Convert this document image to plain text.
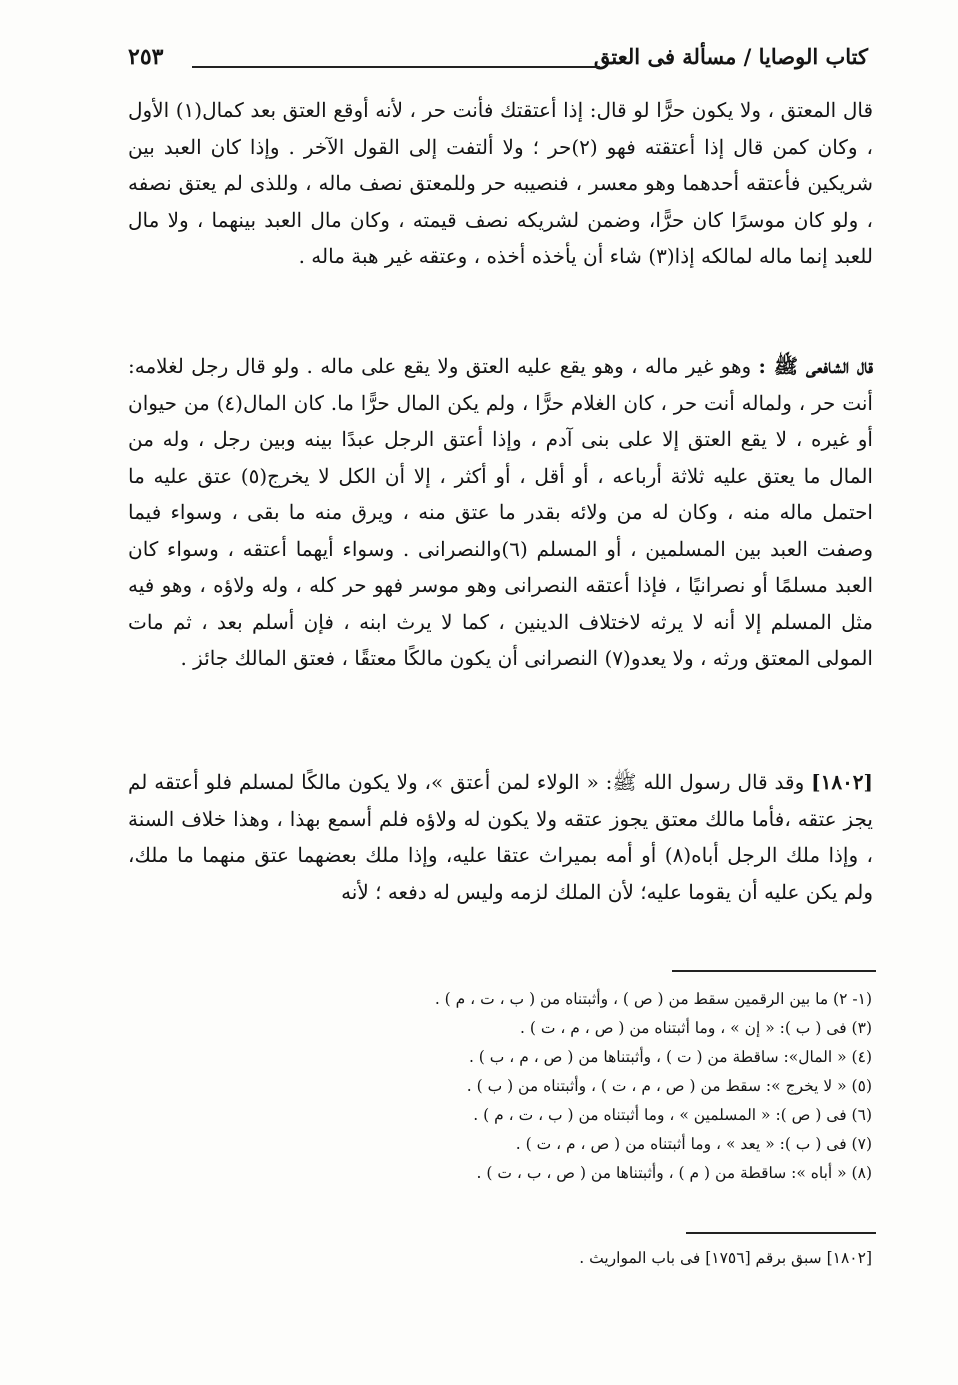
كتاب الوصايا / مسألة فى العتق
٢٥٣

قال المعتق ، ولا يكون حرًّا لو قال: إذا أعتقتك فأنت حر ، لأنه أوقع العتق بعد كمال(١) الأول ، وكان كمن قال إذا أعتقته فهو (٢)حر ؛ ولا ألتفت إلى القول الآخر . وإذا كان العبد بين شريكين فأعتقه أحدهما وهو معسر ، فنصيبه حر وللمعتق نصف ماله ، وللذى لم يعتق نصفه ، ولو كان موسرًا كان حرًّا، وضمن لشريكه نصف قيمته ، وكان مال العبد بينهما ، ولا مال للعبد إنما ماله لمالكه إذا(٣) شاء أن يأخذه أخذه ، وعتقه غير هبة ماله .

قال الشافعى ﷺ : وهو غير ماله ، وهو يقع عليه العتق ولا يقع على ماله . ولو قال رجل لغلامه: أنت حر ، ولماله أنت حر ، كان الغلام حرًّا ، ولم يكن المال حرًّا ما. كان المال(٤) من حيوان أو غيره ، لا يقع العتق إلا على بنى آدم ، وإذا أعتق الرجل عبدًا بينه وبين رجل ، وله من المال ما يعتق عليه ثلاثة أرباعه ، أو أقل ، أو أكثر ، إلا أن الكل لا يخرج(٥) عتق عليه ما احتمل ماله منه ، وكان له من ولائه بقدر ما عتق منه ، ويرق منه ما بقى ، وسواء فيما وصفت العبد بين المسلمين ، أو المسلم (٦)والنصرانى . وسواء أيهما أعتقه ، وسواء كان العبد مسلمًا أو نصرانيًا ، فإذا أعتقه النصرانى وهو موسر فهو حر كله ، وله ولاؤه ، وهو فيه مثل المسلم إلا أنه لا يرثه لاختلاف الدينين ، كما لا يرث ابنه ، فإن أسلم بعد ، ثم مات المولى المعتق ورثه ، ولا يعدو(٧) النصرانى أن يكون مالكًا معتقًا ، فعتق المالك جائز .

[١٨٠٢] وقد قال رسول الله ﷺ: « الولاء لمن أعتق »، ولا يكون مالكًا لمسلم فلو أعتقه لم يجز عتقه ،فأما مالك معتق يجوز عتقه ولا يكون له ولاؤه فلم أسمع بهذا ، وهذا خلاف السنة ، وإذا ملك الرجل أباه(٨) أو أمه بميراث عتقا عليه، وإذا ملك بعضهما عتق منهما ما ملك، ولم يكن عليه أن يقوما عليه؛ لأن الملك لزمه وليس له دفعه ؛ لأنه

(١- ٢) ما بين الرقمين سقط من ( ص ) ، وأثبتناه من ( ب ، ت ، م ) .
(٣) فى ( ب ): « إن » ، وما أثبتناه من ( ص ، م ، ت ) .
(٤) « المال»: ساقطة من ( ت ) ، وأثبتناها من ( ص ، م ، ب ) .
(٥) « لا يخرج »: سقط من ( ص ، م ، ت ) ، وأثبتناه من ( ب ) .
(٦) فى ( ص ): « المسلمين » ، وما أثبتناه من ( ب ، ت ، م ) .
(٧) فى ( ب ): « يعد » ، وما أثبتناه من ( ص ، م ، ت ) .
(٨) « أباه »: ساقطة من ( م ) ، وأثبتناها من ( ص ، ب ، ت ) .
[١٨٠٢] سبق برقم [١٧٥٦] فى باب المواريث .
